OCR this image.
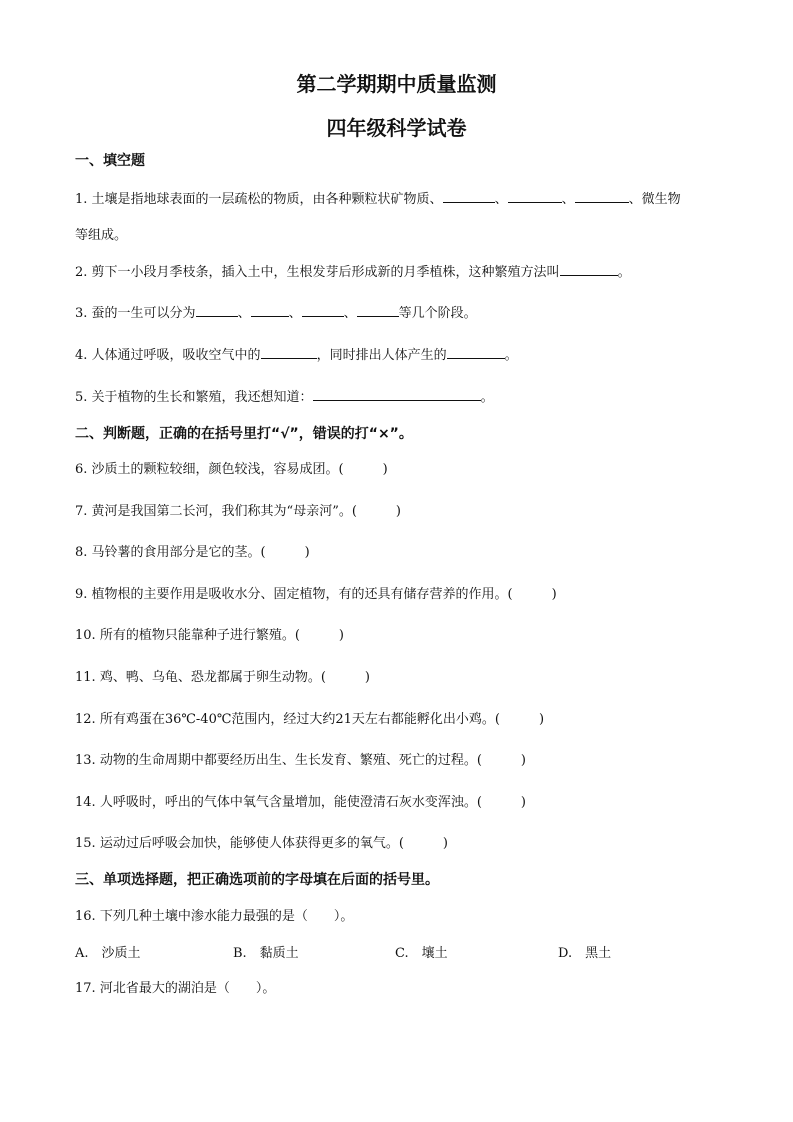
第二学期期中质量监测
四年级科学试卷
一、填空题
1. 土壤是指地球表面的一层疏松的物质，由各种颗粒状矿物质、	、	、	、微生物
等组成。
2. 剪下一小段月季枝条，插入土中，生根发芽后形成新的月季植株，这种繁殖方法叫	。
3. 蚕的一生可以分为	、	、	、	等几个阶段。
4. 人体通过呼吸，吸收空气中的	，同时排出人体产生的	。
5. 关于植物的生长和繁殖，我还想知道：	。
二、判断题，正确的在括号里打“√”，错误的打“×”。
6. 沙质土的颗粒较细，颜色较浅，容易成团。(　　　)
7. 黄河是我国第二长河，我们称其为“母亲河”。(　　　)
8. 马铃薯的食用部分是它的茎。(　　　)
9. 植物根的主要作用是吸收水分、固定植物，有的还具有储存营养的作用。(　　　)
10. 所有的植物只能靠种子进行繁殖。(　　　)
11. 鸡、鸭、乌龟、恐龙都属于卵生动物。(　　　)
12. 所有鸡蛋在36℃-40℃范围内，经过大约21天左右都能孵化出小鸡。(　　　)
13. 动物的生命周期中都要经历出生、生长发育、繁殖、死亡的过程。(　　　)
14. 人呼吸时，呼出的气体中氧气含量增加，能使澄清石灰水变浑浊。(　　　)
15. 运动过后呼吸会加快，能够使人体获得更多的氧气。(　　　)
三、单项选择题，把正确选项前的字母填在后面的括号里。
16. 下列几种土壤中渗水能力最强的是（　　）。
A.　沙质土	B.　黏质土	C.　壤土	D.　黑土
17. 河北省最大的湖泊是（　　）。
